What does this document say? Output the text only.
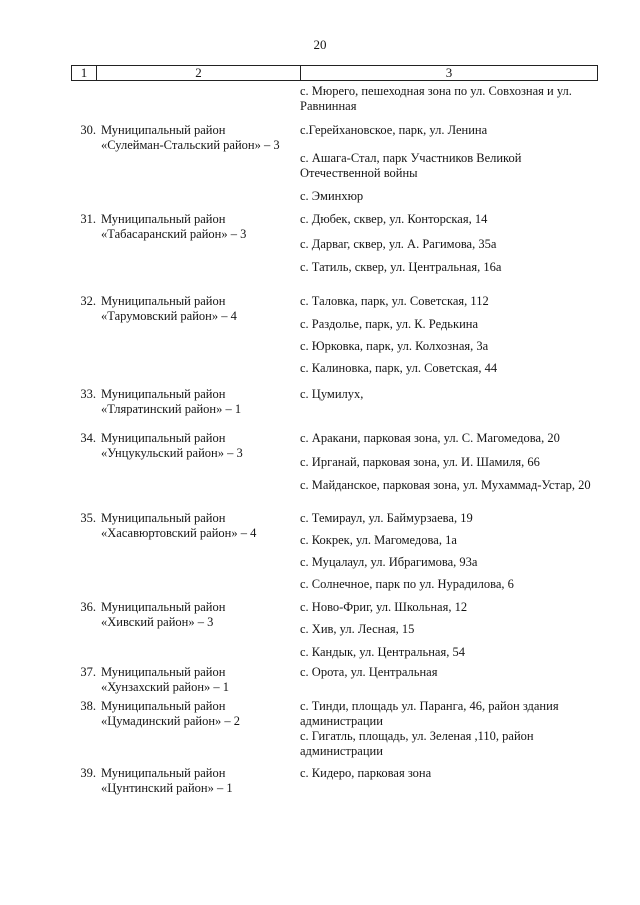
20
1	2	3
с. Мюрего, пешеходная зона по ул. Совхозная и ул. Равнинная
30. Муниципальный район
«Сулейман-Стальский район» – 3
с.Герейхановское, парк, ул. Ленина
с. Ашага-Стал, парк Участников Великой Отечественной войны
с. Эминхюр
31. Муниципальный район
«Табасаранский район» – 3
с. Дюбек, сквер, ул. Конторская, 14
с. Дарваг, сквер, ул. А. Рагимова, 35а
с. Татиль, сквер, ул. Центральная, 16а
32. Муниципальный район
«Тарумовский район» – 4
с. Таловка, парк, ул. Советская, 112
с. Раздолье, парк, ул. К. Редькина
с. Юрковка, парк, ул. Колхозная, 3а
с. Калиновка, парк, ул. Советская, 44
33. Муниципальный район
«Тляратинский район» – 1
с. Цумилух,
34. Муниципальный район
«Унцукульский район» – 3
с. Аракани, парковая зона, ул. С. Магомедова, 20
с. Ирганай, парковая зона, ул. И. Шамиля, 66
с. Майданское, парковая зона, ул. Мухаммад-Устар, 20
35. Муниципальный район
«Хасавюртовский район» – 4
с. Темираул, ул. Баймурзаева, 19
с. Кокрек, ул. Магомедова, 1а
с. Муцалаул, ул. Ибрагимова, 93а
с. Солнечное, парк по ул. Нурадилова, 6
36. Муниципальный район
«Хивский район» – 3
с. Ново-Фриг, ул. Школьная, 12
с. Хив, ул. Лесная, 15
с. Кандык, ул. Центральная, 54
37. Муниципальный район
«Хунзахский район» – 1
с. Орота, ул. Центральная
38. Муниципальный район
«Цумадинский район» – 2
с. Тинди, площадь ул. Паранга, 46, район здания администрации
с. Гигатль, площадь, ул. Зеленая ,110, район администрации
39. Муниципальный район
«Цунтинский район» – 1
с. Кидеро, парковая зона
